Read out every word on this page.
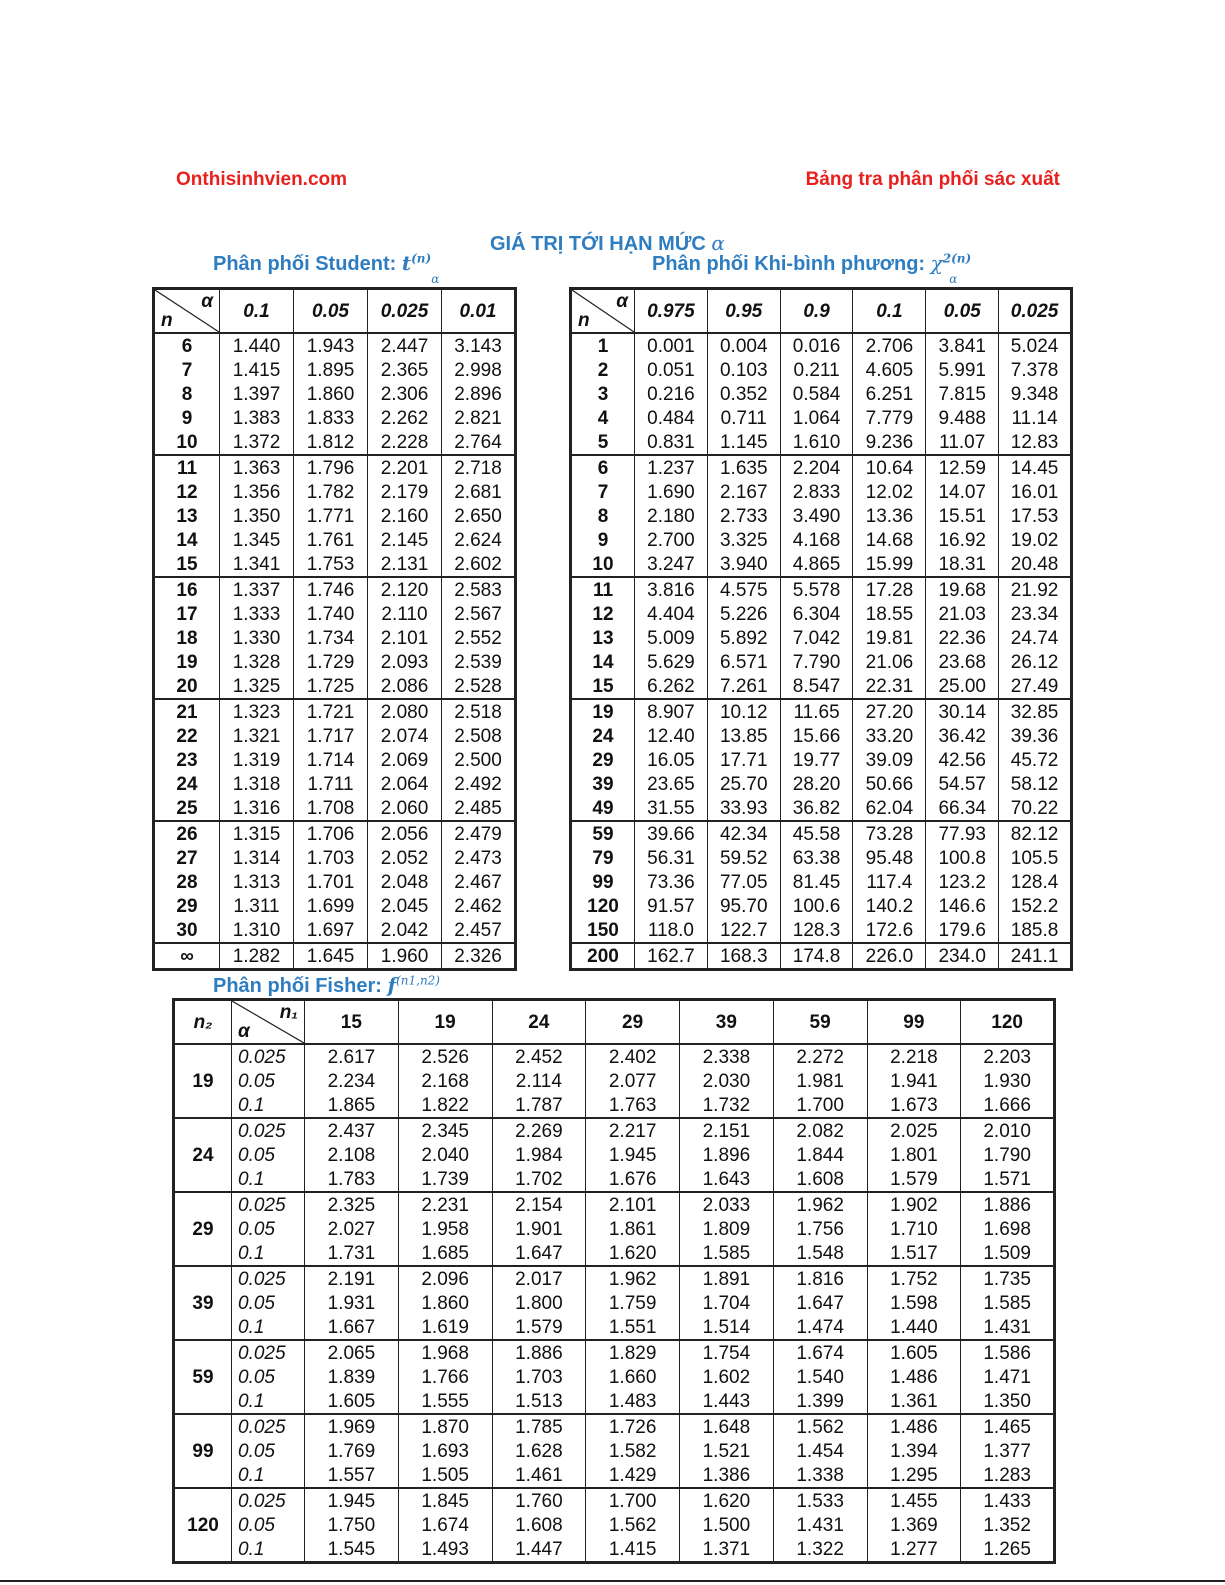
Onthisinhvien.com	Bảng tra phân phối sác xuất
GIÁ TRỊ TỚI HẠN MỨC α
Phân phối Student: $t^{(n)}_\alpha$
Phân phối Khi-bình phương: $\chi^{2(n)}_\alpha$
Phân phối Fisher: $f^{(n1,n2)}$
α
n	0.1	0.05	0.025	0.01
6	1.440	1.943	2.447	3.143
7	1.415	1.895	2.365	2.998
8	1.397	1.860	2.306	2.896
9	1.383	1.833	2.262	2.821
10	1.372	1.812	2.228	2.764
11	1.363	1.796	2.201	2.718
12	1.356	1.782	2.179	2.681
13	1.350	1.771	2.160	2.650
14	1.345	1.761	2.145	2.624
15	1.341	1.753	2.131	2.602
16	1.337	1.746	2.120	2.583
17	1.333	1.740	2.110	2.567
18	1.330	1.734	2.101	2.552
19	1.328	1.729	2.093	2.539
20	1.325	1.725	2.086	2.528
21	1.323	1.721	2.080	2.518
22	1.321	1.717	2.074	2.508
23	1.319	1.714	2.069	2.500
24	1.318	1.711	2.064	2.492
25	1.316	1.708	2.060	2.485
26	1.315	1.706	2.056	2.479
27	1.314	1.703	2.052	2.473
28	1.313	1.701	2.048	2.467
29	1.311	1.699	2.045	2.462
30	1.310	1.697	2.042	2.457
∞	1.282	1.645	1.960	2.326
α
n	0.975	0.95	0.9	0.1	0.05	0.025
1	0.001	0.004	0.016	2.706	3.841	5.024
2	0.051	0.103	0.211	4.605	5.991	7.378
3	0.216	0.352	0.584	6.251	7.815	9.348
4	0.484	0.711	1.064	7.779	9.488	11.14
5	0.831	1.145	1.610	9.236	11.07	12.83
6	1.237	1.635	2.204	10.64	12.59	14.45
7	1.690	2.167	2.833	12.02	14.07	16.01
8	2.180	2.733	3.490	13.36	15.51	17.53
9	2.700	3.325	4.168	14.68	16.92	19.02
10	3.247	3.940	4.865	15.99	18.31	20.48
11	3.816	4.575	5.578	17.28	19.68	21.92
12	4.404	5.226	6.304	18.55	21.03	23.34
13	5.009	5.892	7.042	19.81	22.36	24.74
14	5.629	6.571	7.790	21.06	23.68	26.12
15	6.262	7.261	8.547	22.31	25.00	27.49
19	8.907	10.12	11.65	27.20	30.14	32.85
24	12.40	13.85	15.66	33.20	36.42	39.36
29	16.05	17.71	19.77	39.09	42.56	45.72
39	23.65	25.70	28.20	50.66	54.57	58.12
49	31.55	33.93	36.82	62.04	66.34	70.22
59	39.66	42.34	45.58	73.28	77.93	82.12
79	56.31	59.52	63.38	95.48	100.8	105.5
99	73.36	77.05	81.45	117.4	123.2	128.4
120	91.57	95.70	100.6	140.2	146.6	152.2
150	118.0	122.7	128.3	172.6	179.6	185.8
200	162.7	168.3	174.8	226.0	234.0	241.1
n₂	n₁
α	15	19	24	29	39	59	99	120
19	0.025	2.617	2.526	2.452	2.402	2.338	2.272	2.218	2.203
	0.05	2.234	2.168	2.114	2.077	2.030	1.981	1.941	1.930
	0.1	1.865	1.822	1.787	1.763	1.732	1.700	1.673	1.666
24	0.025	2.437	2.345	2.269	2.217	2.151	2.082	2.025	2.010
	0.05	2.108	2.040	1.984	1.945	1.896	1.844	1.801	1.790
	0.1	1.783	1.739	1.702	1.676	1.643	1.608	1.579	1.571
29	0.025	2.325	2.231	2.154	2.101	2.033	1.962	1.902	1.886
	0.05	2.027	1.958	1.901	1.861	1.809	1.756	1.710	1.698
	0.1	1.731	1.685	1.647	1.620	1.585	1.548	1.517	1.509
39	0.025	2.191	2.096	2.017	1.962	1.891	1.816	1.752	1.735
	0.05	1.931	1.860	1.800	1.759	1.704	1.647	1.598	1.585
	0.1	1.667	1.619	1.579	1.551	1.514	1.474	1.440	1.431
59	0.025	2.065	1.968	1.886	1.829	1.754	1.674	1.605	1.586
	0.05	1.839	1.766	1.703	1.660	1.602	1.540	1.486	1.471
	0.1	1.605	1.555	1.513	1.483	1.443	1.399	1.361	1.350
99	0.025	1.969	1.870	1.785	1.726	1.648	1.562	1.486	1.465
	0.05	1.769	1.693	1.628	1.582	1.521	1.454	1.394	1.377
	0.1	1.557	1.505	1.461	1.429	1.386	1.338	1.295	1.283
120	0.025	1.945	1.845	1.760	1.700	1.620	1.533	1.455	1.433
	0.05	1.750	1.674	1.608	1.562	1.500	1.431	1.369	1.352
	0.1	1.545	1.493	1.447	1.415	1.371	1.322	1.277	1.265
